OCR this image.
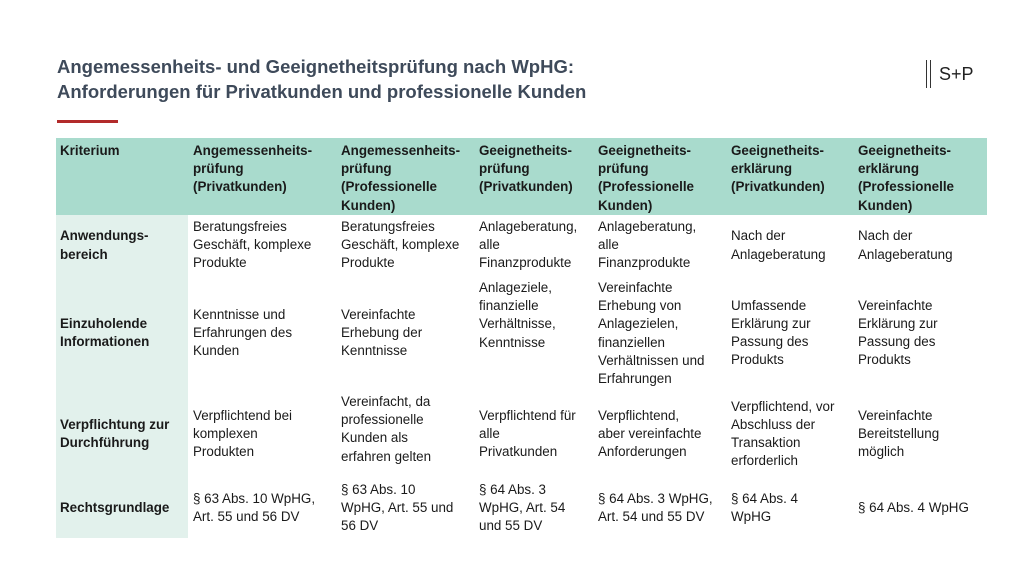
Angemessenheits- und Geeignetheitsprüfung nach WpHG:
Anforderungen für Privatkunden und professionelle Kunden
S+P
Kriterium	Angemessenheits-
prüfung
(Privatkunden)
Angemessenheits-
prüfung
(Professionelle
Kunden)
Geeignetheits-
prüfung
(Privatkunden)
Geeignetheits-
prüfung
(Professionelle
Kunden)
Geeignetheits-
erklärung
(Privatkunden)
Geeignetheits-
erklärung
(Professionelle
Kunden)
Anwendungs-
bereich
Beratungsfreies
Geschäft, komplexe
Produkte
Beratungsfreies
Geschäft, komplexe
Produkte
Anlageberatung,
alle
Finanzprodukte
Anlageberatung,
alle
Finanzprodukte
Nach der
Anlageberatung
Nach der
Anlageberatung
Einzuholende
Informationen
Kenntnisse und
Erfahrungen des
Kunden
Vereinfachte
Erhebung der
Kenntnisse
Anlageziele,
finanzielle
Verhältnisse,
Kenntnisse
Vereinfachte
Erhebung von
Anlagezielen,
finanziellen
Verhältnissen und
Erfahrungen
Umfassende
Erklärung zur
Passung des
Produkts
Vereinfachte
Erklärung zur
Passung des
Produkts
Verpflichtung zur
Durchführung
Verpflichtend bei
komplexen
Produkten
Vereinfacht, da
professionelle
Kunden als
erfahren gelten
Verpflichtend für
alle
Privatkunden
Verpflichtend,
aber vereinfachte
Anforderungen
Verpflichtend, vor
Abschluss der
Transaktion
erforderlich
Vereinfachte
Bereitstellung
möglich
Rechtsgrundlage
§ 63 Abs. 10 WpHG,
Art. 55 und 56 DV
§ 63 Abs. 10
WpHG, Art. 55 und
56 DV
§ 64 Abs. 3
WpHG, Art. 54
und 55 DV
§ 64 Abs. 3 WpHG,
Art. 54 und 55 DV
§ 64 Abs. 4
WpHG
§ 64 Abs. 4 WpHG
